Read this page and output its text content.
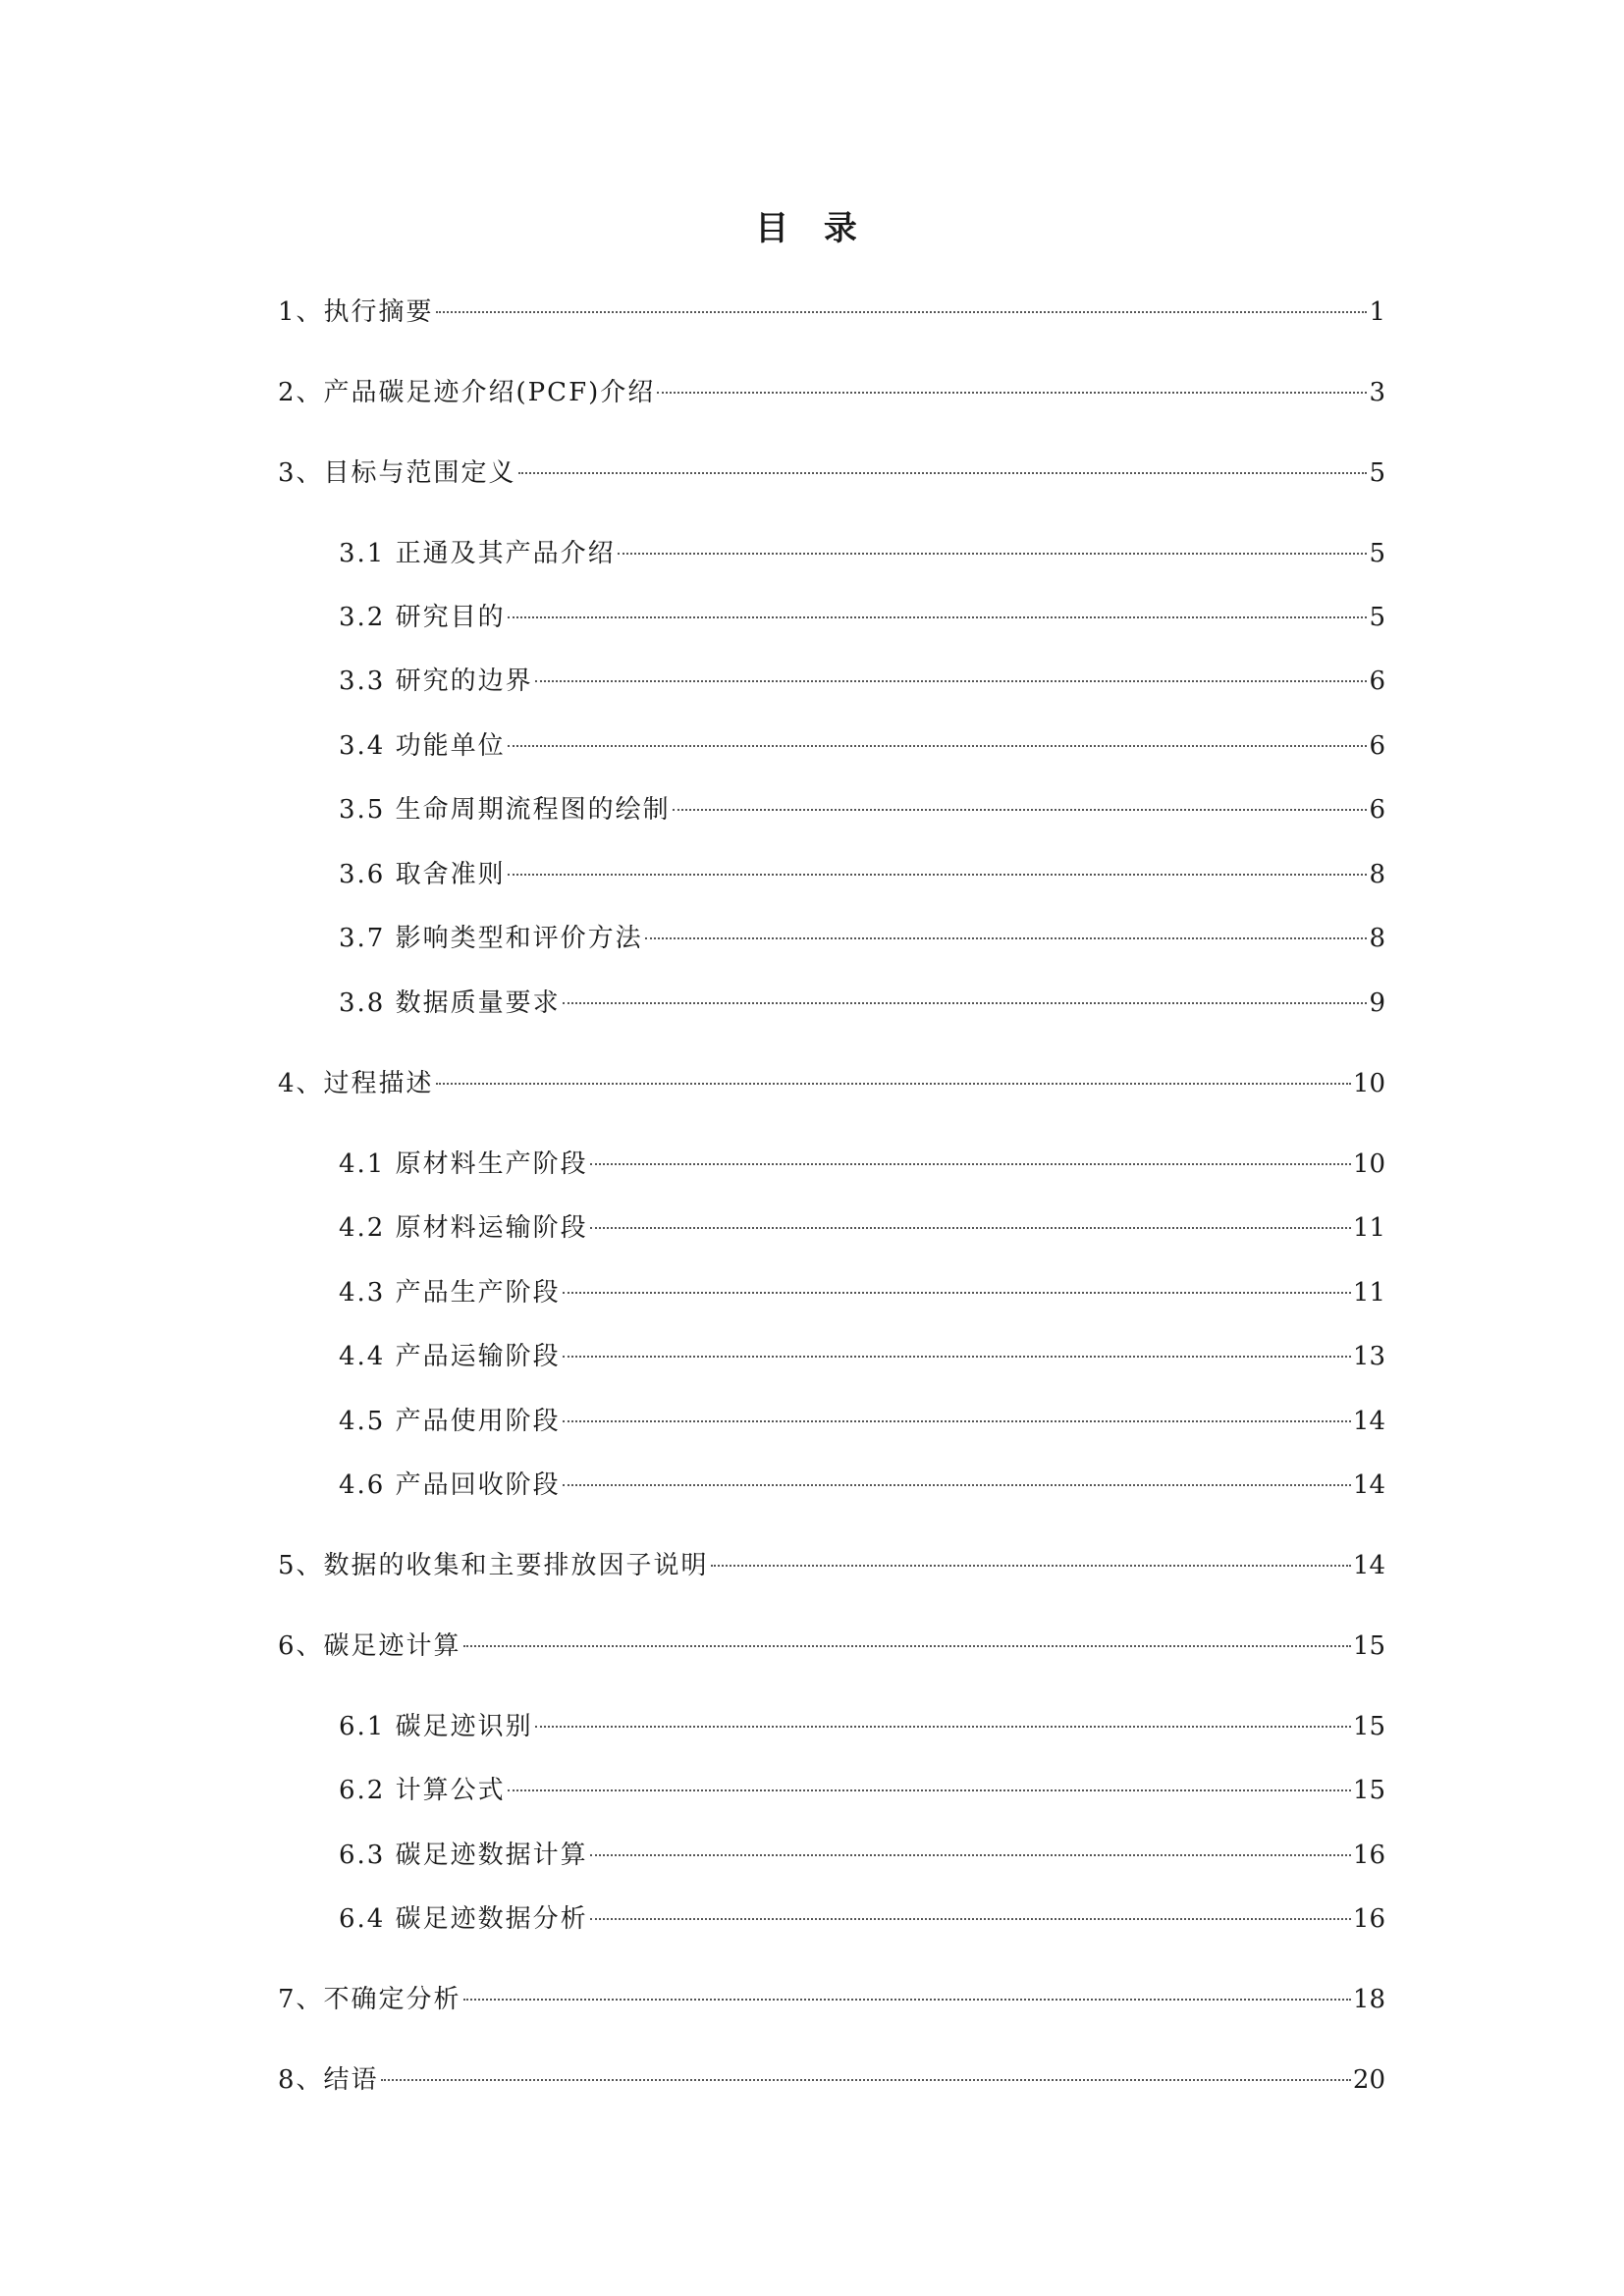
目 录
1、执行摘要	1
2、产品碳足迹介绍(PCF)介绍	3
3、目标与范围定义	5
3.1 正通及其产品介绍	5
3.2 研究目的	5
3.3 研究的边界	6
3.4 功能单位	6
3.5 生命周期流程图的绘制	6
3.6 取舍准则	8
3.7 影响类型和评价方法	8
3.8 数据质量要求	9
4、过程描述	10
4.1 原材料生产阶段	10
4.2 原材料运输阶段	11
4.3 产品生产阶段	11
4.4 产品运输阶段	13
4.5 产品使用阶段	14
4.6 产品回收阶段	14
5、数据的收集和主要排放因子说明	14
6、碳足迹计算	15
6.1 碳足迹识别	15
6.2 计算公式	15
6.3 碳足迹数据计算	16
6.4 碳足迹数据分析	16
7、不确定分析	18
8、结语	20
